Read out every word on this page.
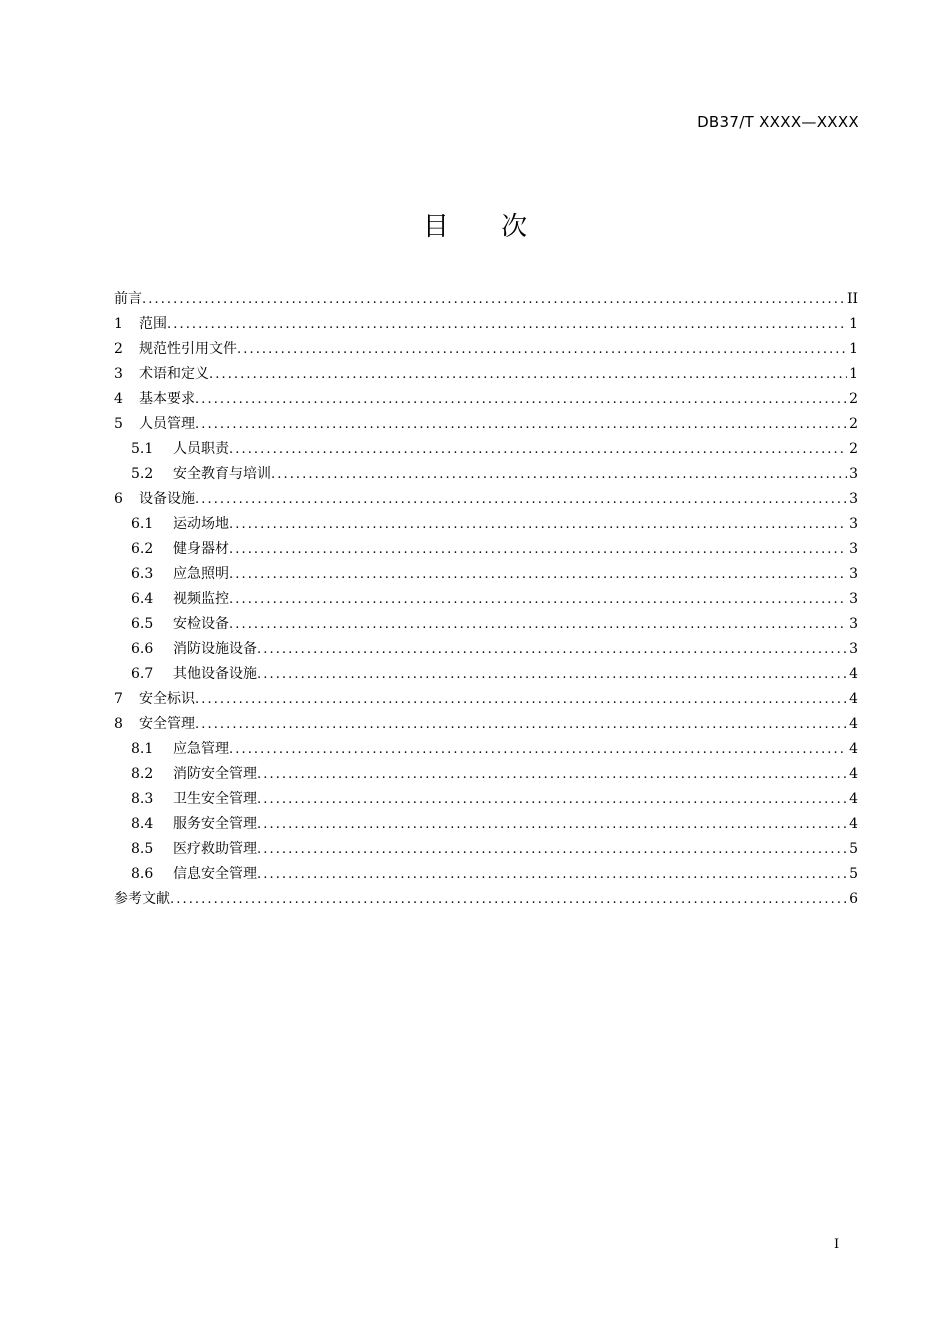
DB37/T XXXX—XXXX
目 次
前言 .....	II
1	范围 .....	1
2	规范性引用文件 .....	1
3	术语和定义 .....	1
4	基本要求 .....	2
5	人员管理 .....	2
5.1	人员职责 .....	2
5.2	安全教育与培训 .....	3
6	设备设施 .....	3
6.1	运动场地 .....	3
6.2	健身器材 .....	3
6.3	应急照明 .....	3
6.4	视频监控 .....	3
6.5	安检设备 .....	3
6.6	消防设施设备 .....	3
6.7	其他设备设施 .....	4
7	安全标识 .....	4
8	安全管理 .....	4
8.1	应急管理 .....	4
8.2	消防安全管理 .....	4
8.3	卫生安全管理 .....	4
8.4	服务安全管理 .....	4
8.5	医疗救助管理 .....	5
8.6	信息安全管理 .....	5
参考文献 .....	6
I
